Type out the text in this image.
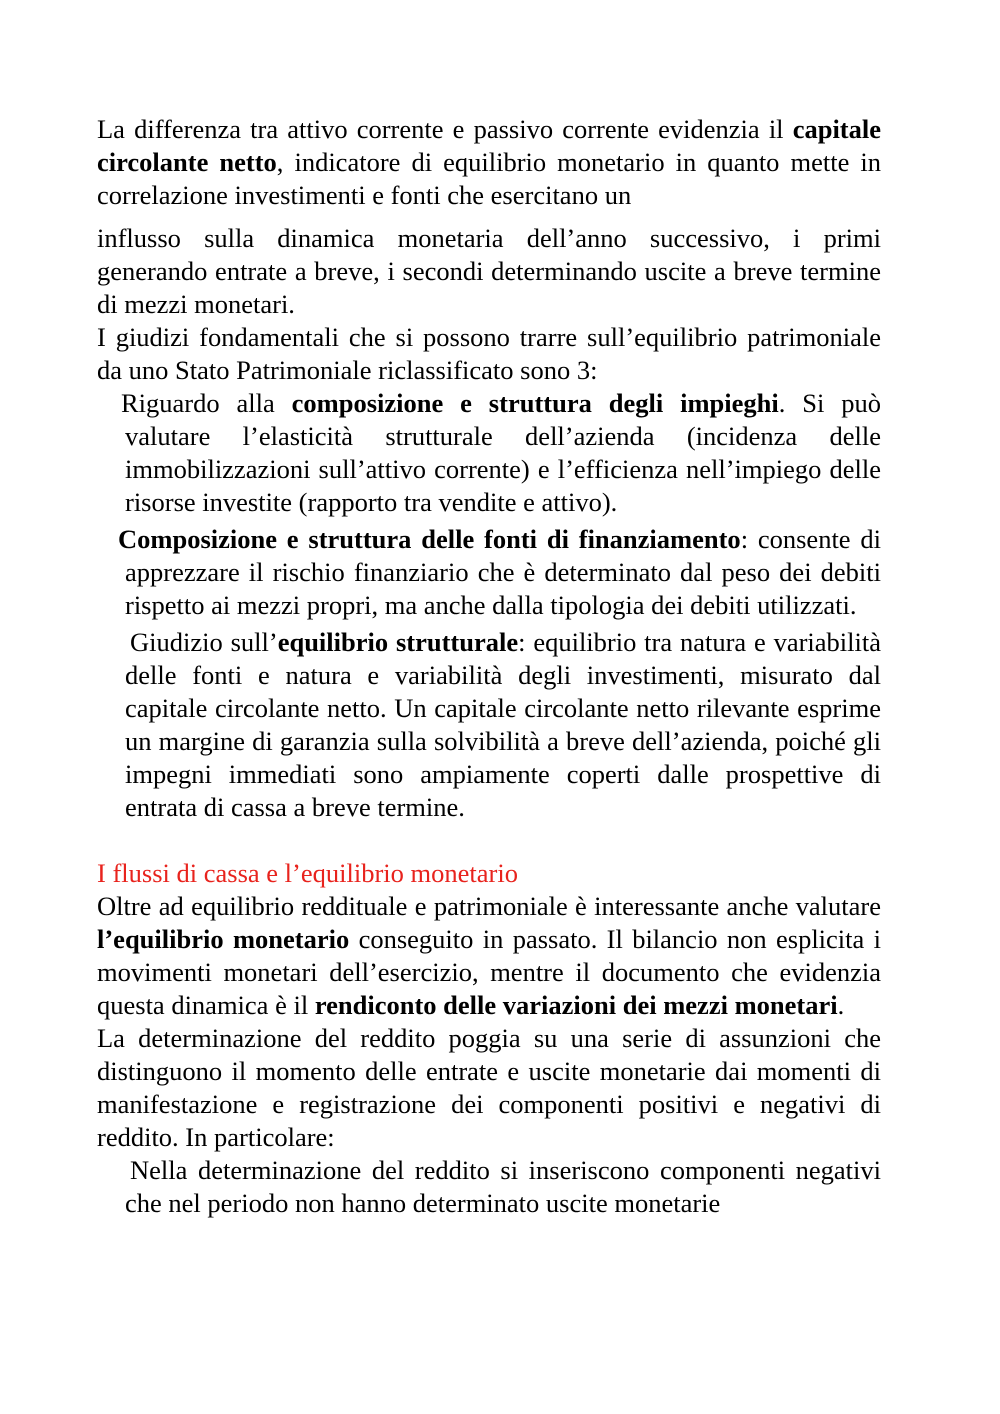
La differenza tra attivo corrente e passivo corrente evidenzia il capitale circolante netto, indicatore di equilibrio monetario in quanto mette in correlazione investimenti e fonti che esercitano un

influsso sulla dinamica monetaria dell’anno successivo, i primi generando entrate a breve, i secondi determinando uscite a breve termine di mezzi monetari.

I giudizi fondamentali che si possono trarre sull’equilibrio patrimoniale da uno Stato Patrimoniale riclassificato sono 3:

Riguardo alla composizione e struttura degli impieghi. Si può valutare l’elasticità strutturale dell’azienda (incidenza delle immobilizzazioni sull’attivo corrente) e l’efficienza nell’impiego delle risorse investite (rapporto tra vendite e attivo).
Composizione e struttura delle fonti di finanziamento: consente di apprezzare il rischio finanziario che è determinato dal peso dei debiti rispetto ai mezzi propri, ma anche dalla tipologia dei debiti utilizzati.
Giudizio sull’equilibrio strutturale: equilibrio tra natura e variabilità delle fonti e natura e variabilità degli investimenti, misurato dal capitale circolante netto. Un capitale circolante netto rilevante esprime un margine di garanzia sulla solvibilità a breve dell’azienda, poiché gli impegni immediati sono ampiamente coperti dalle prospettive di entrata di cassa a breve termine.

I flussi di cassa e l’equilibrio monetario

Oltre ad equilibrio reddituale e patrimoniale è interessante anche valutare l’equilibrio monetario conseguito in passato. Il bilancio non esplicita i movimenti monetari dell’esercizio, mentre il documento che evidenzia questa dinamica è il rendiconto delle variazioni dei mezzi monetari.

La determinazione del reddito poggia su una serie di assunzioni che distinguono il momento delle entrate e uscite monetarie dai momenti di manifestazione e registrazione dei componenti positivi e negativi di reddito. In particolare:

Nella determinazione del reddito si inseriscono componenti negativi che nel periodo non hanno determinato uscite monetarie
